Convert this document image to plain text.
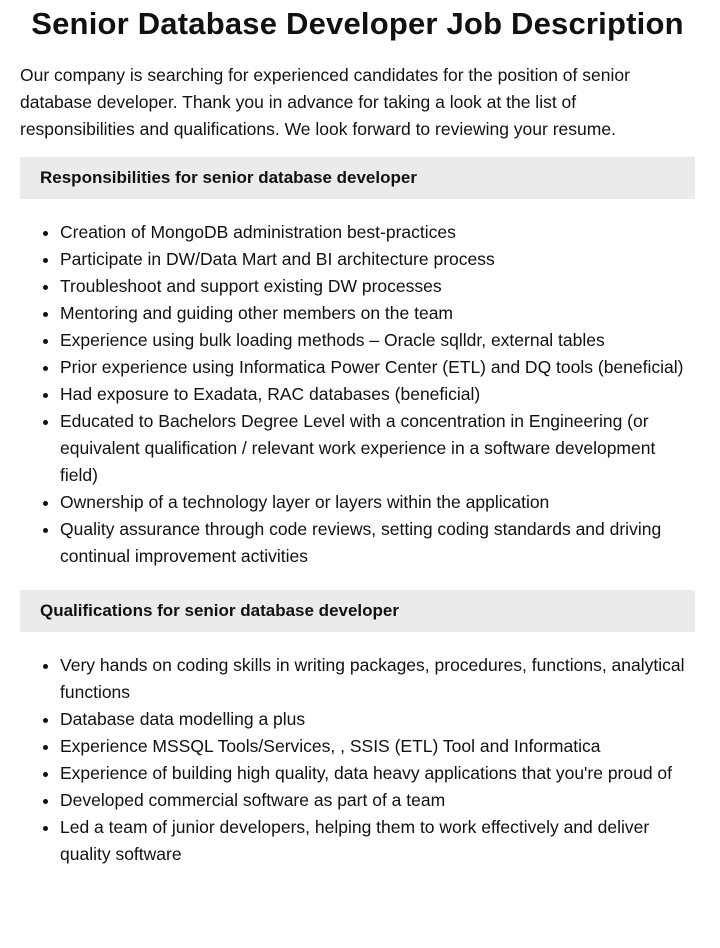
Senior Database Developer Job Description

Our company is searching for experienced candidates for the position of senior database developer. Thank you in advance for taking a look at the list of responsibilities and qualifications. We look forward to reviewing your resume.

Responsibilities for senior database developer
• Creation of MongoDB administration best-practices
• Participate in DW/Data Mart and BI architecture process
• Troubleshoot and support existing DW processes
• Mentoring and guiding other members on the team
• Experience using bulk loading methods – Oracle sqlldr, external tables
• Prior experience using Informatica Power Center (ETL) and DQ tools (beneficial)
• Had exposure to Exadata, RAC databases (beneficial)
• Educated to Bachelors Degree Level with a concentration in Engineering (or equivalent qualification / relevant work experience in a software development field)
• Ownership of a technology layer or layers within the application
• Quality assurance through code reviews, setting coding standards and driving continual improvement activities
Qualifications for senior database developer
• Very hands on coding skills in writing packages, procedures, functions, analytical functions
• Database data modelling a plus
• Experience MSSQL Tools/Services, , SSIS (ETL) Tool and Informatica
• Experience of building high quality, data heavy applications that you're proud of
• Developed commercial software as part of a team
• Led a team of junior developers, helping them to work effectively and deliver quality software
